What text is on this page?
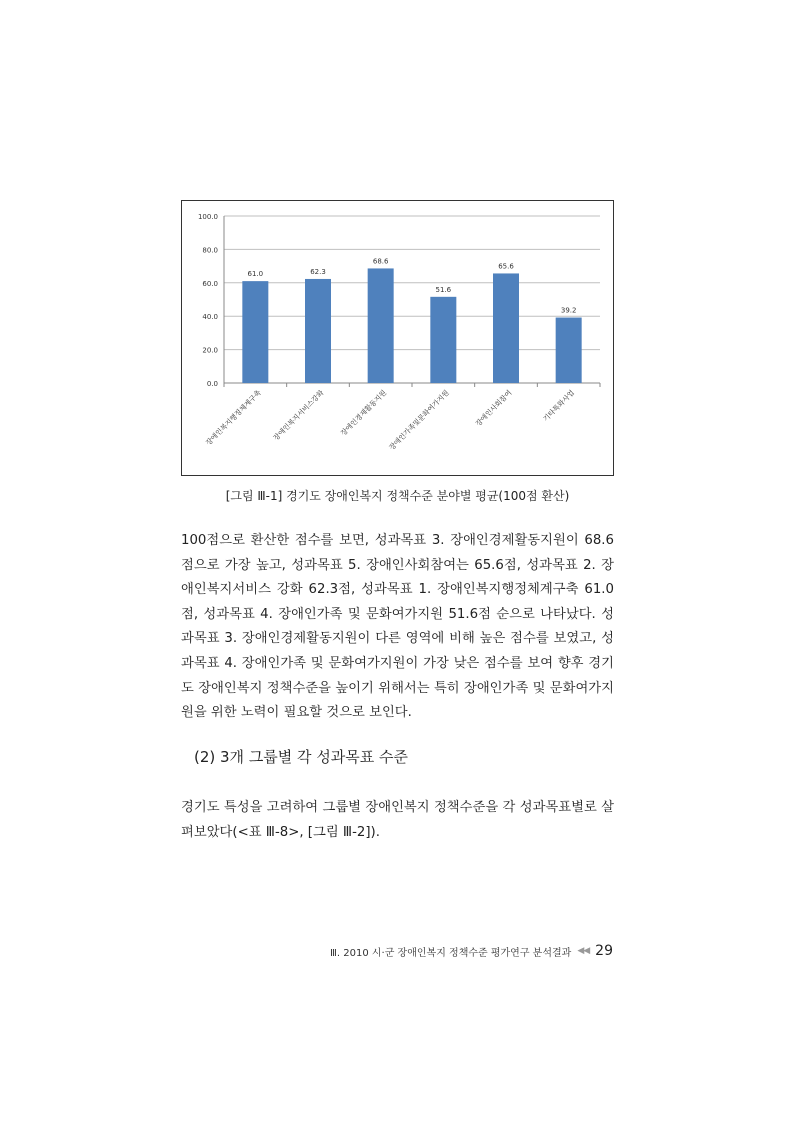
0.0
20.0
40.0
60.0
80.0
100.0
61.0
장애인복지행정체계구축
62.3
장애인복지서비스강화
68.6
장애인경제활동지원
51.6
장애인가족및문화여가지원
65.6
장애인사회참여
39.2
기타특화사업
[그림 Ⅲ-1] 경기도 장애인복지 정책수준 분야별 평균(100점 환산)

100점으로 환산한 점수를 보면, 성과목표 3. 장애인경제활동지원이 68.6점으로 가장 높고, 성과목표 5. 장애인사회참여는 65.6점, 성과목표 2. 장애인복지서비스 강화 62.3점, 성과목표 1. 장애인복지행정체계구축 61.0점, 성과목표 4. 장애인가족 및 문화여가지원 51.6점 순으로 나타났다. 성과목표 3. 장애인경제활동지원이 다른 영역에 비해 높은 점수를 보였고, 성과목표 4. 장애인가족 및 문화여가지원이 가장 낮은 점수를 보여 향후 경기도 장애인복지 정책수준을 높이기 위해서는 특히 장애인가족 및 문화여가지원을 위한 노력이 필요할 것으로 보인다.

(2) 3개 그룹별 각 성과목표 수준

경기도 특성을 고려하여 그룹별 장애인복지 정책수준을 각 성과목표별로 살펴보았다(<표 Ⅲ-8>, [그림 Ⅲ-2]).

Ⅲ. 2010 시·군 장애인복지 정책수준 평가연구 분석결과 ◀◀ 29
